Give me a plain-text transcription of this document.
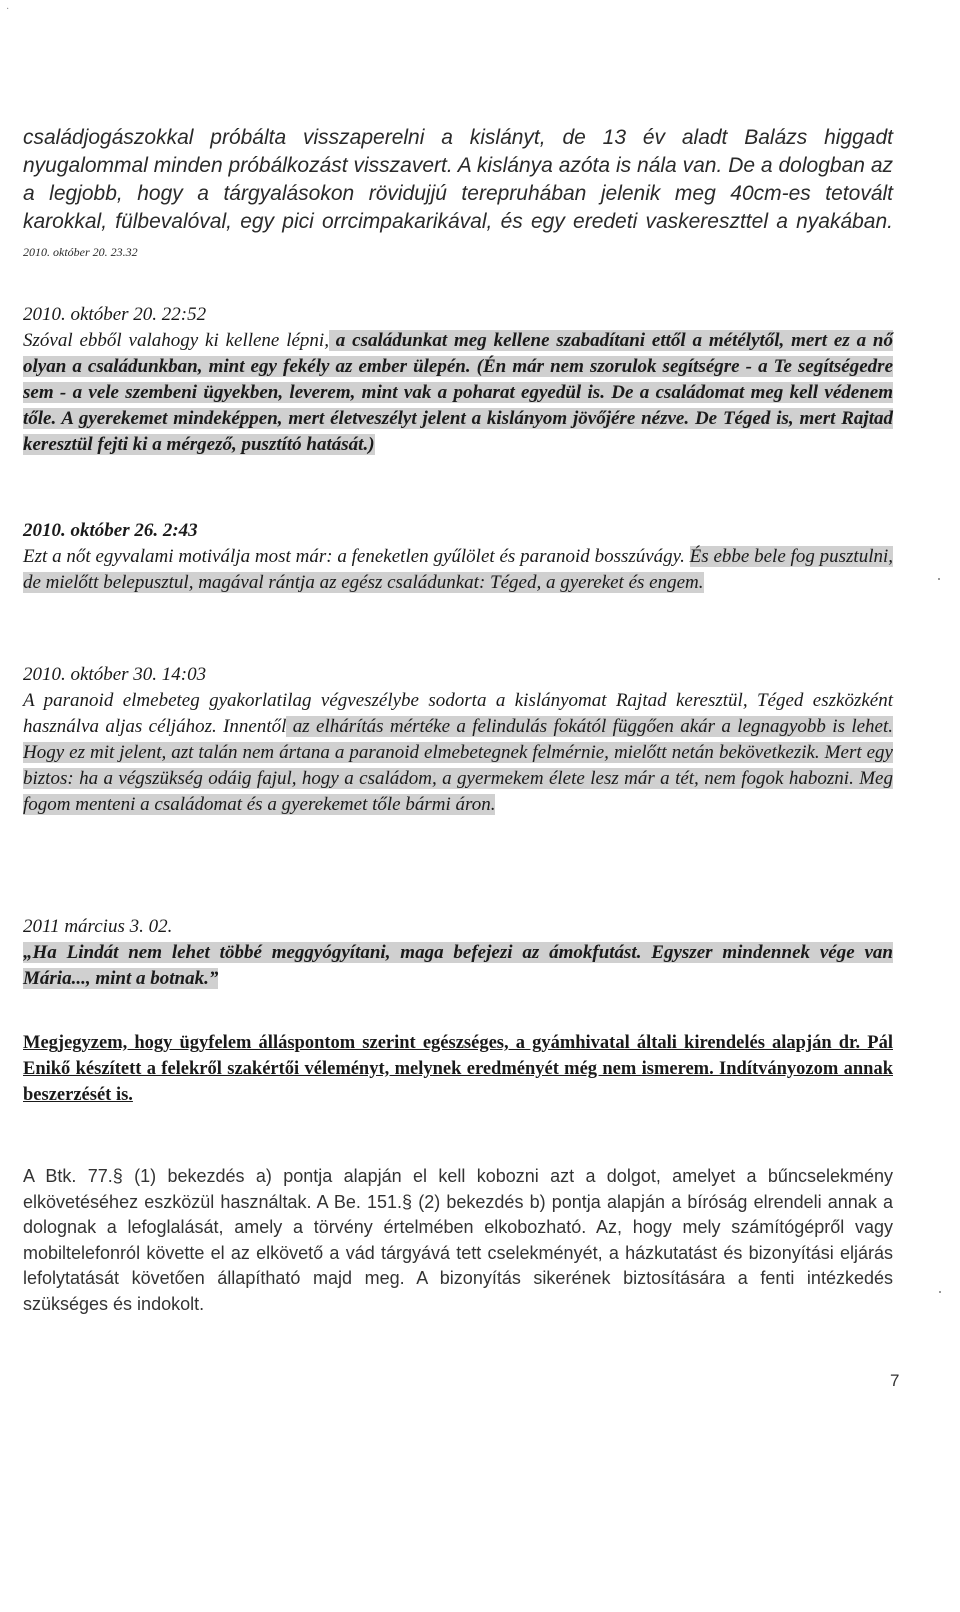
·

családjogászokkal próbálta visszaperelni a kislányt, de 13 év aladt Balázs higgadt nyugalommal minden próbálkozást visszavert. A kislánya azóta is nála van. De a dologban az a legjobb, hogy a tárgyalásokon rövidujjú terepruhában jelenik meg 40cm-es tetovált karokkal, fülbevalóval, egy pici orrcimpakarikával, és egy eredeti vaskereszttel a nyakában. 2010. október 20. 23.32

2010. október 20. 22:52

Szóval ebből valahogy ki kellene lépni, a családunkat meg kellene szabadítani ettől a métélytől, mert ez a nő olyan a családunkban, mint egy fekély az ember ülepén. (Én már nem szorulok segítségre - a Te segítségedre sem - a vele szembeni ügyekben, leverem, mint vak a poharat egyedül is. De a családomat meg kell védenem tőle. A gyerekemet mindeképpen, mert életveszélyt jelent a kislányom jövőjére nézve. De Téged is, mert Rajtad keresztül fejti ki a mérgező, pusztító hatását.)

2010. október 26. 2:43

Ezt a nőt egyvalami motiválja most már: a feneketlen gyűlölet és paranoid bosszúvágy. És ebbe bele fog pusztulni, de mielőtt belepusztul, magával rántja az egész családunkat: Téged, a gyereket és engem.

2010. október 30. 14:03

A paranoid elmebeteg gyakorlatilag végveszélybe sodorta a kislányomat Rajtad keresztül, Téged eszközként használva aljas céljához. Innentől az elhárítás mértéke a felindulás fokától függően akár a legnagyobb is lehet. Hogy ez mit jelent, azt talán nem ártana a paranoid elmebetegnek felmérnie, mielőtt netán bekövetkezik. Mert egy biztos: ha a végszükség odáig fajul, hogy a családom, a gyermekem élete lesz már a tét, nem fogok habozni. Meg fogom menteni a családomat és a gyerekemet tőle bármi áron.

2011 március 3. 02.

„Ha Lindát nem lehet többé meggyógyítani, maga befejezi az ámokfutást. Egyszer mindennek vége van Mária..., mint a botnak.”

Megjegyzem, hogy ügyfelem álláspontom szerint egészséges, a gyámhivatal általi kirendelés alapján dr. Pál Enikő készített a felekről szakértői véleményt, melynek eredményét még nem ismerem. Indítványozom annak beszerzését is.

A Btk. 77.§ (1) bekezdés a) pontja alapján el kell kobozni azt a dolgot, amelyet a bűncselekmény elkövetéséhez eszközül használtak. A Be. 151.§ (2) bekezdés b) pontja alapján a bíróság elrendeli annak a dolognak a lefoglalását, amely a törvény értelmében elkobozható. Az, hogy mely számítógépről vagy mobiltelefonról követte el az elkövető a vád tárgyává tett cselekményét, a házkutatást és bizonyítási eljárás lefolytatását követően állapítható majd meg. A bizonyítás sikerének biztosítására a fenti intézkedés szükséges és indokolt.

7
